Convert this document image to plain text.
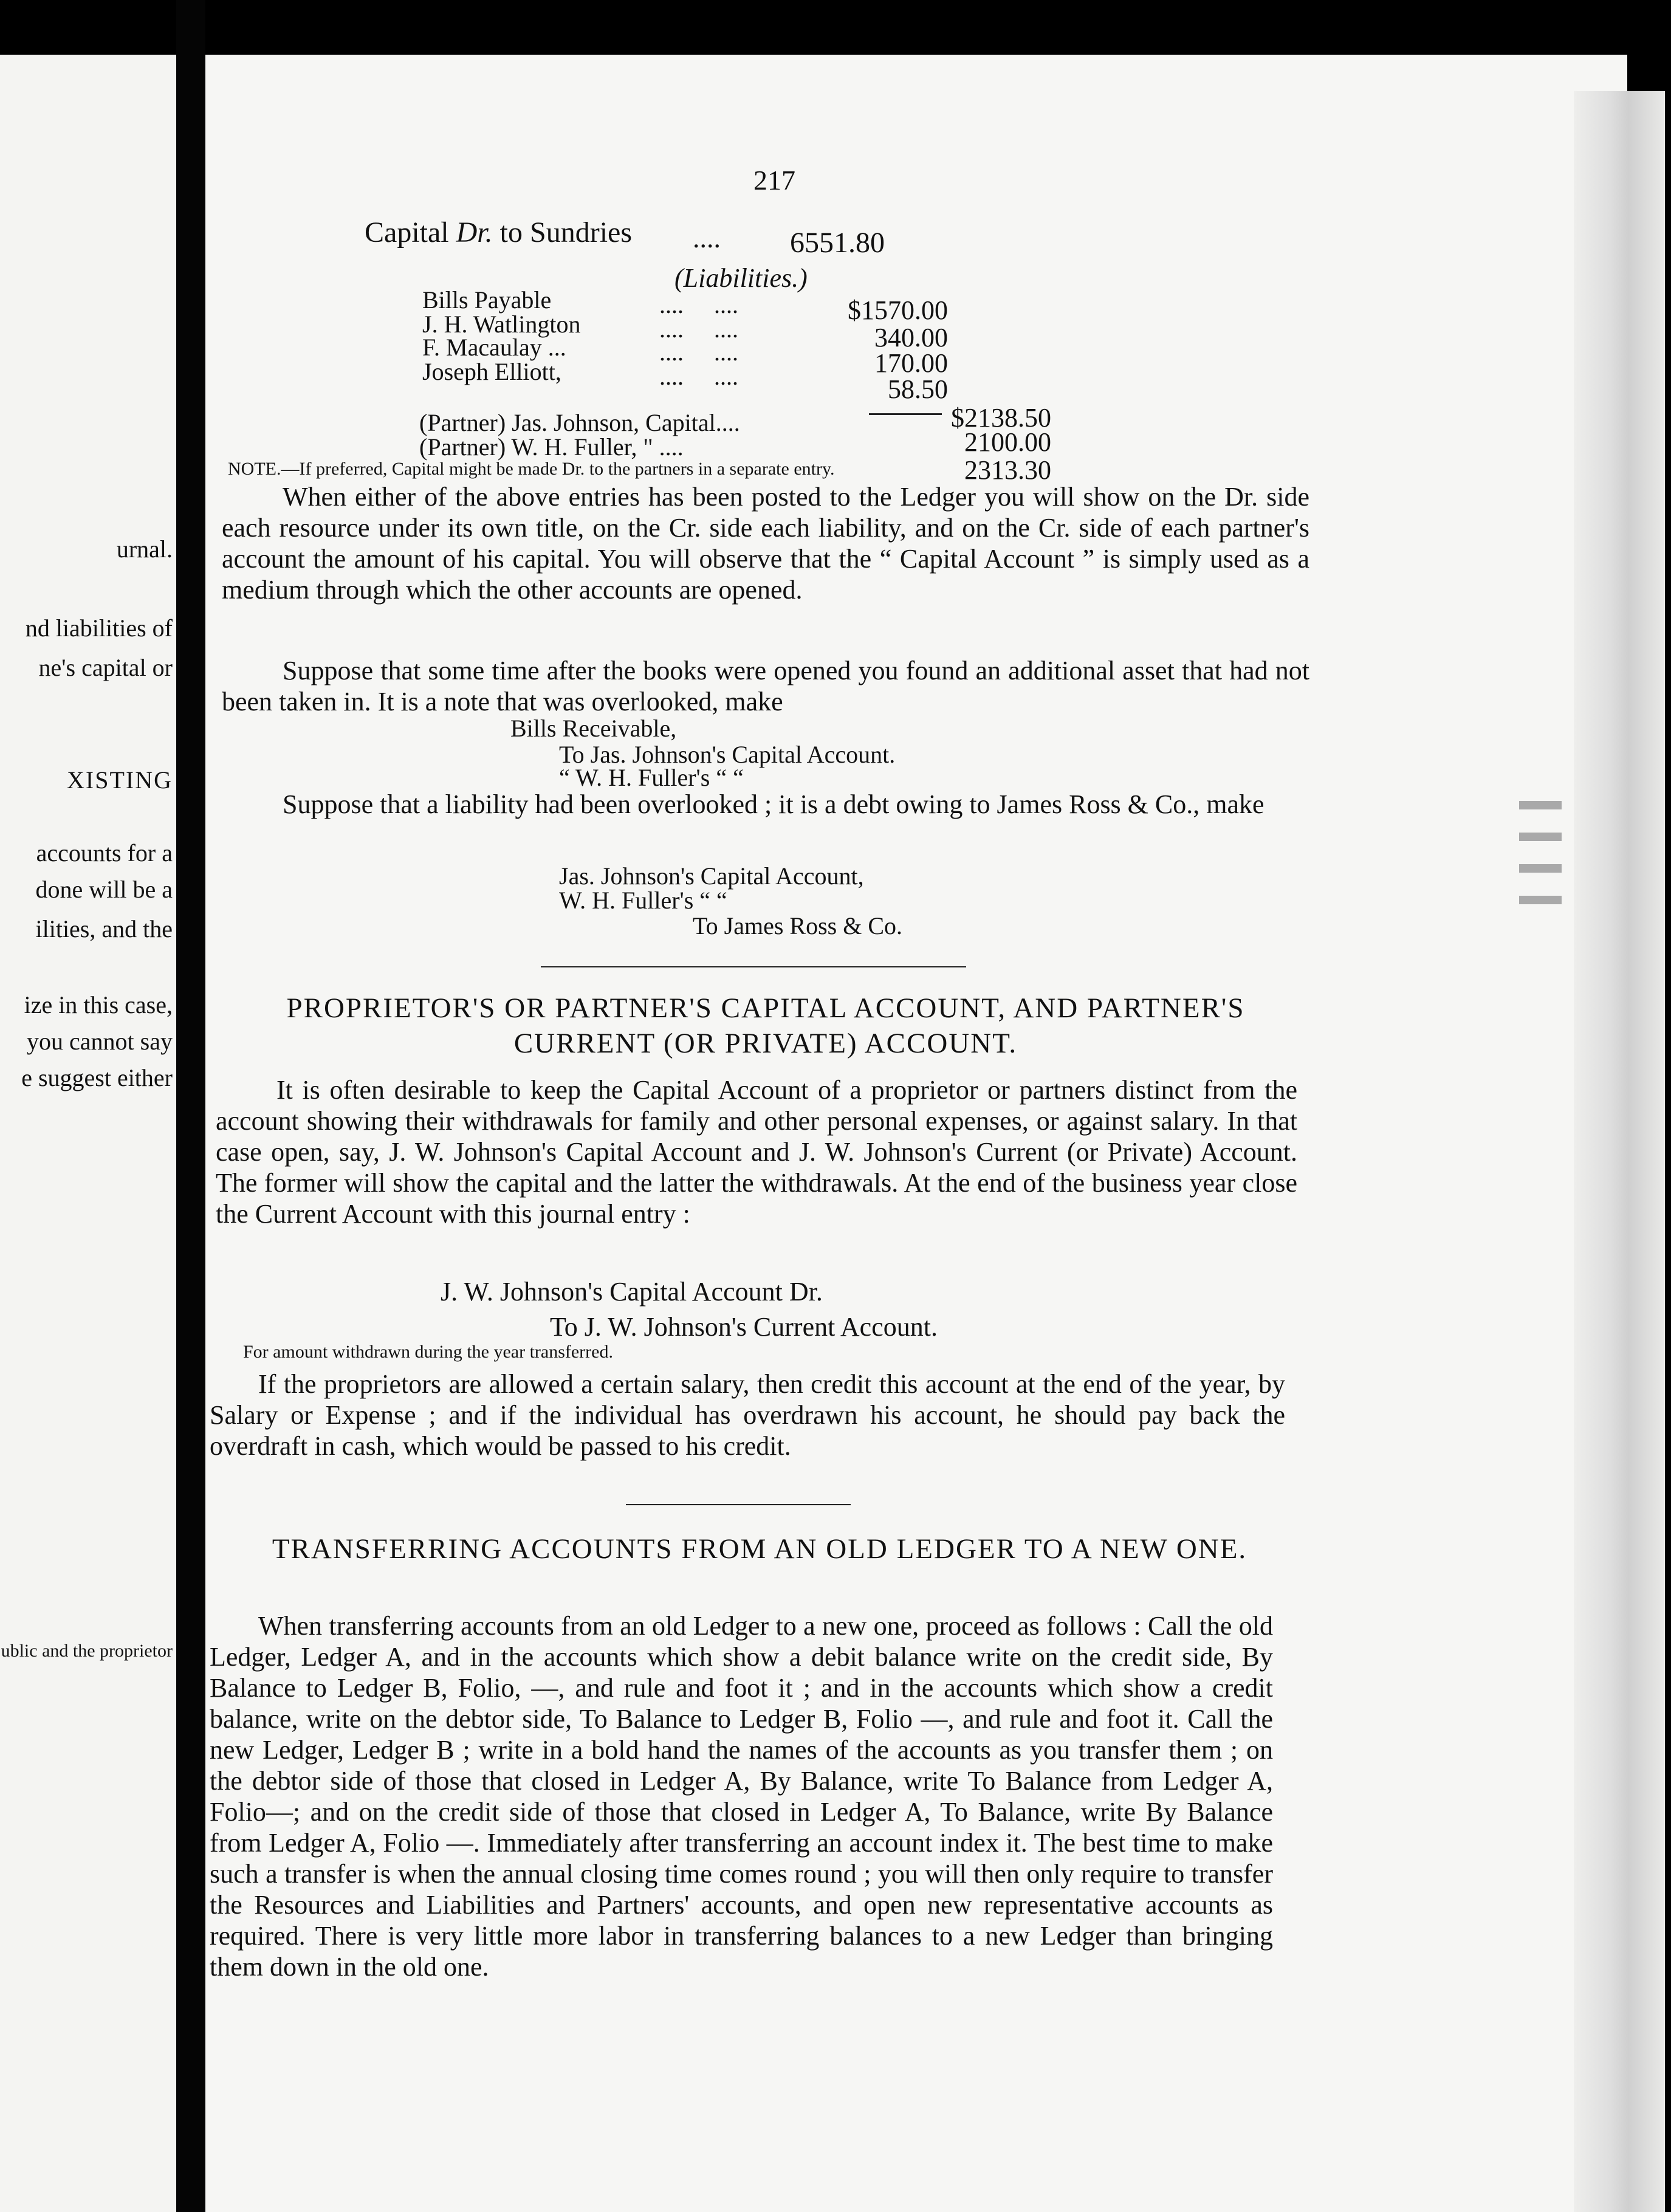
urnal.
nd liabilities of
ne's capital or
XISTING
accounts for a
done will be a
ilities, and the
ize in this case,
you cannot say
e suggest either
ublic and the proprietor
217
Capital Dr. to Sundries .... 6551.80
(Liabilities.)
Bills Payable
J. H. Watlington
F. Macaulay ...
Joseph Elliott,
....     ....
....     ....
....     ....
....     ....
$1570.00
340.00
170.00
58.50
$2138.50
(Partner) Jas. Johnson, Capital....
2100.00
(Partner) W. H. Fuller, " ....
2313.30
NOTE.—If preferred, Capital might be made Dr. to the partners in a separate entry.
When either of the above entries has been posted to the Ledger you will show on the Dr. side each resource under its own title, on the Cr. side each liability, and on the Cr. side of each partner's account the amount of his capital. You will observe that the “ Capital Account ” is simply used as a medium through which the other accounts are opened.
Suppose that some time after the books were opened you found an additional asset that had not been taken in. It is a note that was overlooked, make
Bills Receivable,
To Jas. Johnson's Capital Account.
“ W. H. Fuller's “ “
Suppose that a liability had been overlooked ; it is a debt owing to James Ross & Co., make
Jas. Johnson's Capital Account,
W. H. Fuller's “ “
To James Ross & Co.
PROPRIETOR'S OR PARTNER'S CAPITAL ACCOUNT, AND PARTNER'S CURRENT (OR PRIVATE) ACCOUNT.
It is often desirable to keep the Capital Account of a proprietor or partners distinct from the account showing their withdrawals for family and other personal expenses, or against salary. In that case open, say, J. W. Johnson's Capital Account and J. W. Johnson's Current (or Private) Account. The former will show the capital and the latter the withdrawals. At the end of the business year close the Current Account with this journal entry :
J. W. Johnson's Capital Account Dr.
To J. W. Johnson's Current Account.
For amount withdrawn during the year transferred.
If the proprietors are allowed a certain salary, then credit this account at the end of the year, by Salary or Expense ; and if the individual has overdrawn his account, he should pay back the overdraft in cash, which would be passed to his credit.
TRANSFERRING ACCOUNTS FROM AN OLD LEDGER TO A NEW ONE.
When transferring accounts from an old Ledger to a new one, proceed as follows : Call the old Ledger, Ledger A, and in the accounts which show a debit balance write on the credit side, By Balance to Ledger B, Folio, —, and rule and foot it ; and in the accounts which show a credit balance, write on the debtor side, To Balance to Ledger B, Folio —, and rule and foot it. Call the new Ledger, Ledger B ; write in a bold hand the names of the accounts as you transfer them ; on the debtor side of those that closed in Ledger A, By Balance, write To Balance from Ledger A, Folio—; and on the credit side of those that closed in Ledger A, To Balance, write By Balance from Ledger A, Folio —. Immediately after transferring an account index it. The best time to make such a transfer is when the annual closing time comes round ; you will then only require to transfer the Resources and Liabilities and Partners' accounts, and open new representative accounts as required. There is very little more labor in transferring balances to a new Ledger than bringing them down in the old one.
